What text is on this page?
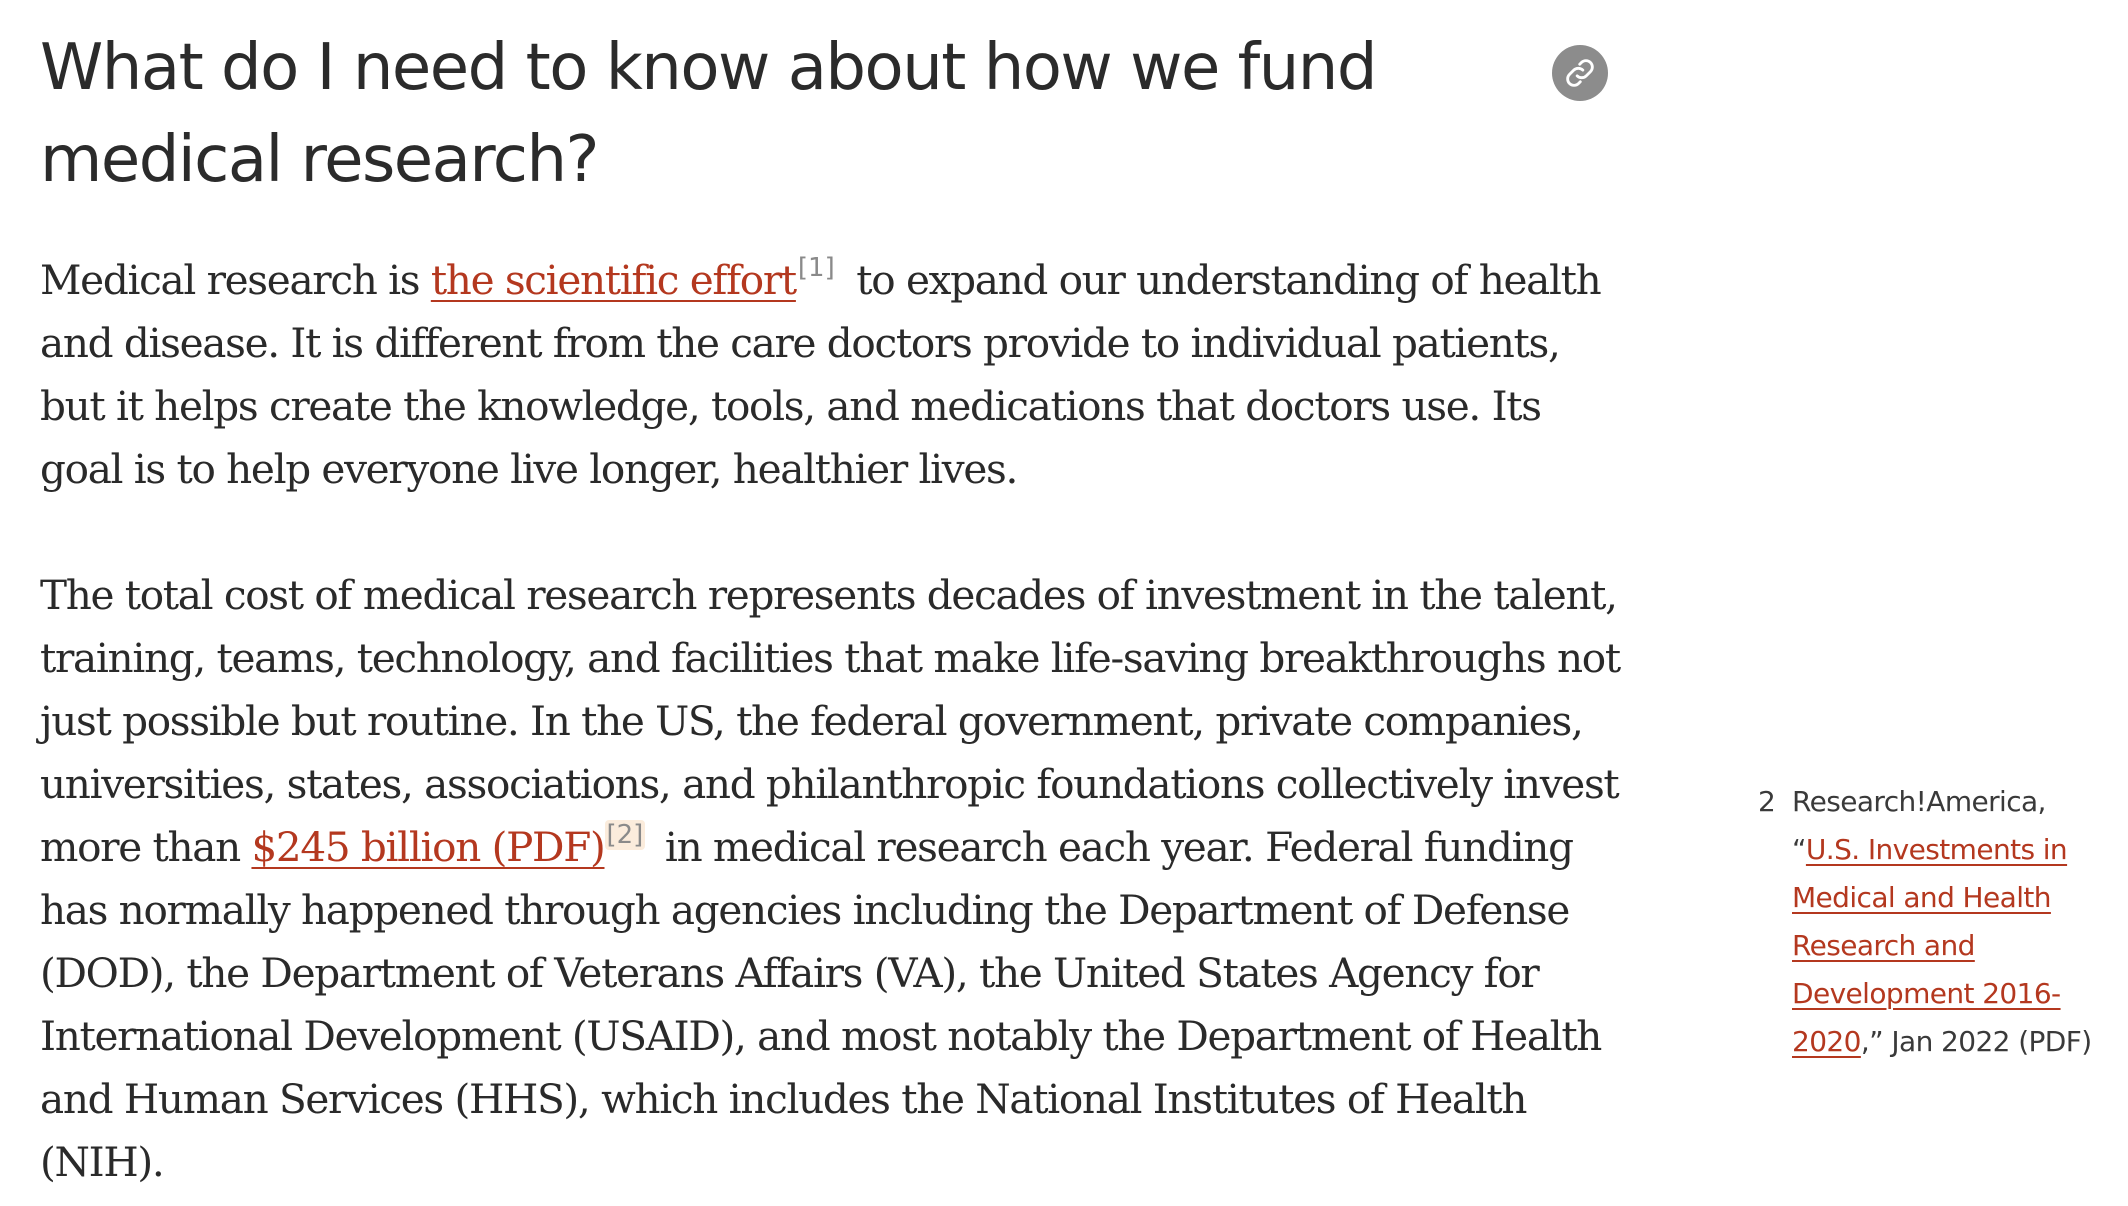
What do I need to know about how we fund medical research?

Medical research is the scientific effort[1] to expand our understanding of health and disease. It is different from the care doctors provide to individual patients, but it helps create the knowledge, tools, and medications that doctors use. Its goal is to help everyone live longer, healthier lives.

The total cost of medical research represents decades of investment in the talent, training, teams, technology, and facilities that make life-saving breakthroughs not just possible but routine. In the US, the federal government, private companies, universities, states, associations, and philanthropic foundations collectively invest more than $245 billion (PDF)[2] in medical research each year. Federal funding has normally happened through agencies including the Department of Defense (DOD), the Department of Veterans Affairs (VA), the United States Agency for International Development (USAID), and most notably the Department of Health and Human Services (HHS), which includes the National Institutes of Health (NIH).

2 Research!America,
“U.S. Investments in Medical and Health Research and Development 2016-2020,” Jan 2022 (PDF)
